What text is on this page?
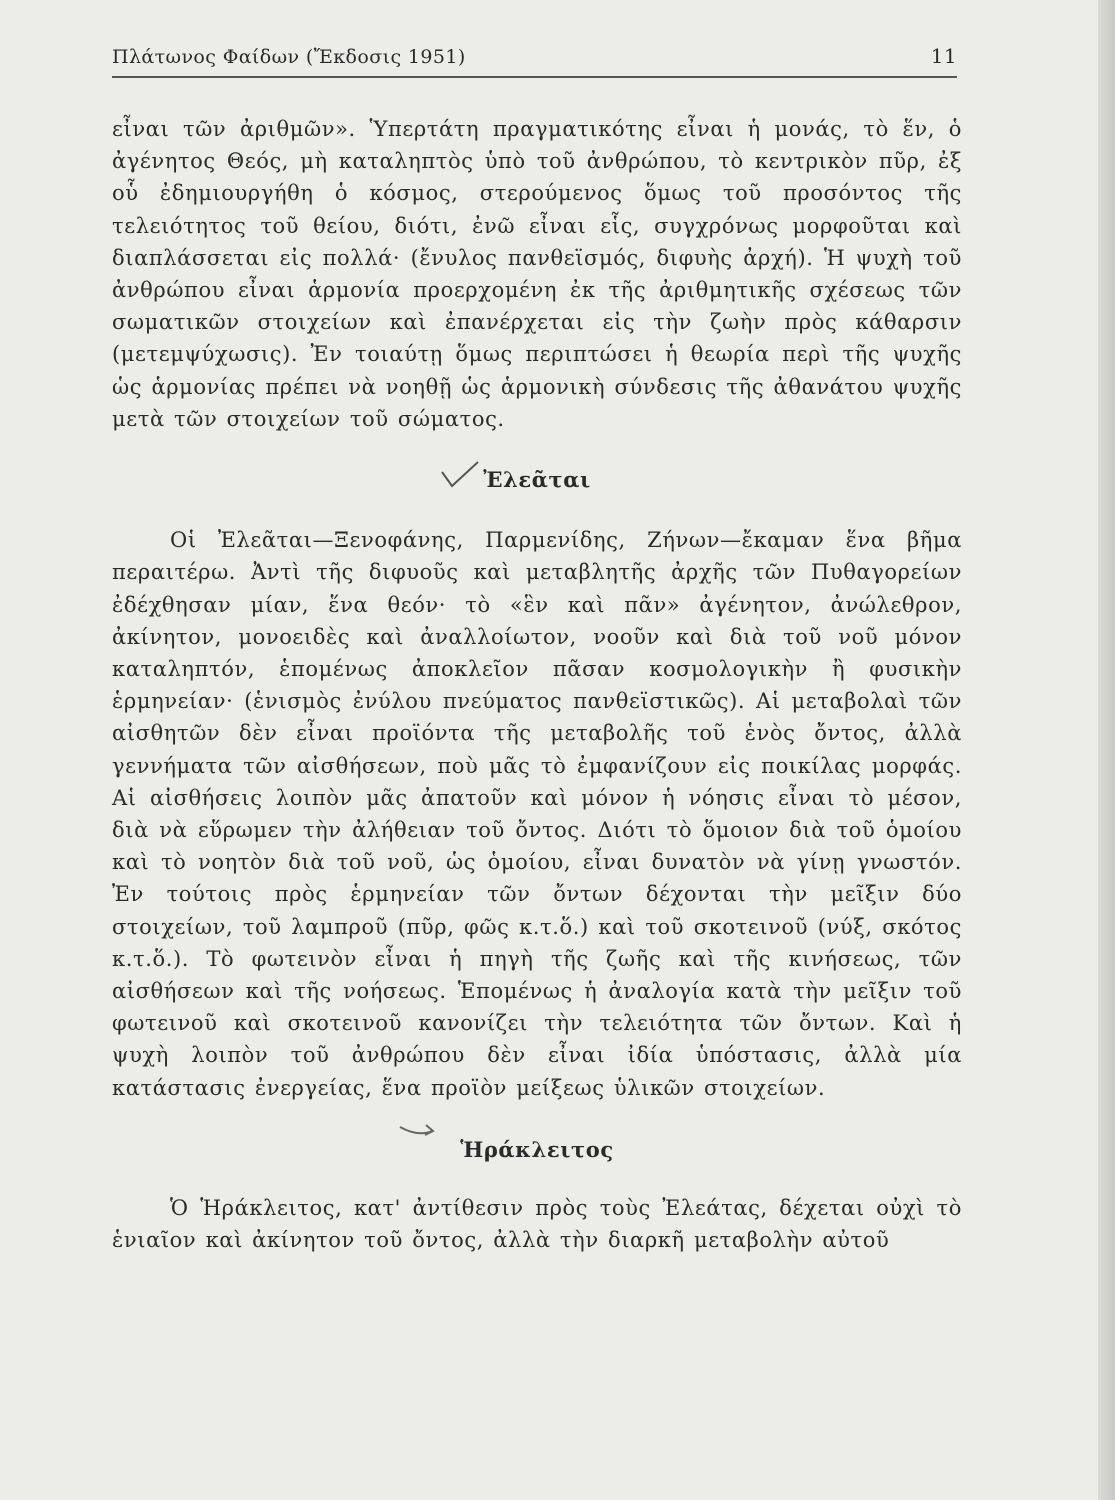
Πλάτωνος Φαίδων (Ἔκδοσις 1951)	11

εἶναι τῶν ἀριθμῶν». Ὑπερτάτη πραγματικότης εἶναι ἡ μονάς, τὸ ἕν, ὁ ἀγένητος Θεός, μὴ καταληπτὸς ὑπὸ τοῦ ἀνθρώπου, τὸ κεντρικὸν πῦρ, ἐξ οὗ ἐδημιουργήθη ὁ κόσμος, στερούμενος ὅμως τοῦ προσόντος τῆς τελειότητος τοῦ θείου, διότι, ἐνῶ εἶναι εἷς, συγχρόνως μορφοῦται καὶ διαπλάσσεται εἰς πολλά· (ἔνυλος πανθεϊσμός, διφυὴς ἀρχή). Ἡ ψυχὴ τοῦ ἀνθρώπου εἶναι ἁρμονία προερχομένη ἐκ τῆς ἀριθμητικῆς σχέσεως τῶν σωματικῶν στοιχείων καὶ ἐπανέρχεται εἰς τὴν ζωὴν πρὸς κάθαρσιν (μετεμψύχωσις). Ἐν τοιαύτῃ ὅμως περιπτώσει ἡ θεωρία περὶ τῆς ψυχῆς ὡς ἁρμονίας πρέπει νὰ νοηθῇ ὡς ἁρμονικὴ σύνδεσις τῆς ἀθανάτου ψυχῆς μετὰ τῶν στοιχείων τοῦ σώματος.

Ἐλεᾶται

Οἱ Ἐλεᾶται—Ξενοφάνης, Παρμενίδης, Ζήνων—ἔκαμαν ἕνα βῆμα περαιτέρω. Ἀντὶ τῆς διφυοῦς καὶ μεταβλητῆς ἀρχῆς τῶν Πυθαγορείων ἐδέχθησαν μίαν, ἕνα θεόν· τὸ «ἓν καὶ πᾶν» ἀγένητον, ἀνώλεθρον, ἀκίνητον, μονοειδὲς καὶ ἀναλλοίωτον, νοοῦν καὶ διὰ τοῦ νοῦ μόνον καταληπτόν, ἑπομένως ἀποκλεῖον πᾶσαν κοσμολογικὴν ἢ φυσικὴν ἑρμηνείαν· (ἑνισμὸς ἐνύλου πνεύματος πανθεϊστικῶς). Αἱ μεταβολαὶ τῶν αἰσθητῶν δὲν εἶναι προϊόντα τῆς μεταβολῆς τοῦ ἑνὸς ὄντος, ἀλλὰ γεννήματα τῶν αἰσθήσεων, ποὺ μᾶς τὸ ἐμφανίζουν εἰς ποικίλας μορφάς. Αἱ αἰσθήσεις λοιπὸν μᾶς ἀπατοῦν καὶ μόνον ἡ νόησις εἶναι τὸ μέσον, διὰ νὰ εὕρωμεν τὴν ἀλήθειαν τοῦ ὄντος. Διότι τὸ ὅμοιον διὰ τοῦ ὁμοίου καὶ τὸ νοητὸν διὰ τοῦ νοῦ, ὡς ὁμοίου, εἶναι δυνατὸν νὰ γίνῃ γνωστόν. Ἐν τούτοις πρὸς ἑρμηνείαν τῶν ὄντων δέχονται τὴν μεῖξιν δύο στοιχείων, τοῦ λαμπροῦ (πῦρ, φῶς κ.τ.ὅ.) καὶ τοῦ σκοτεινοῦ (νύξ, σκότος κ.τ.ὅ.). Τὸ φωτεινὸν εἶναι ἡ πηγὴ τῆς ζωῆς καὶ τῆς κινήσεως, τῶν αἰσθήσεων καὶ τῆς νοήσεως. Ἑπομένως ἡ ἀναλογία κατὰ τὴν μεῖξιν τοῦ φωτεινοῦ καὶ σκοτεινοῦ κανονίζει τὴν τελειότητα τῶν ὄντων. Καὶ ἡ ψυχὴ λοιπὸν τοῦ ἀνθρώπου δὲν εἶναι ἰδία ὑπόστασις, ἀλλὰ μία κατάστασις ἐνεργείας, ἕνα προϊὸν μείξεως ὑλικῶν στοιχείων.

Ἡράκλειτος

Ὁ Ἡράκλειτος, κατ' ἀντίθεσιν πρὸς τοὺς Ἐλεάτας, δέχεται οὐχὶ τὸ ἑνιαῖον καὶ ἀκίνητον τοῦ ὄντος, ἀλλὰ τὴν διαρκῆ μεταβολὴν αὐτοῦ
